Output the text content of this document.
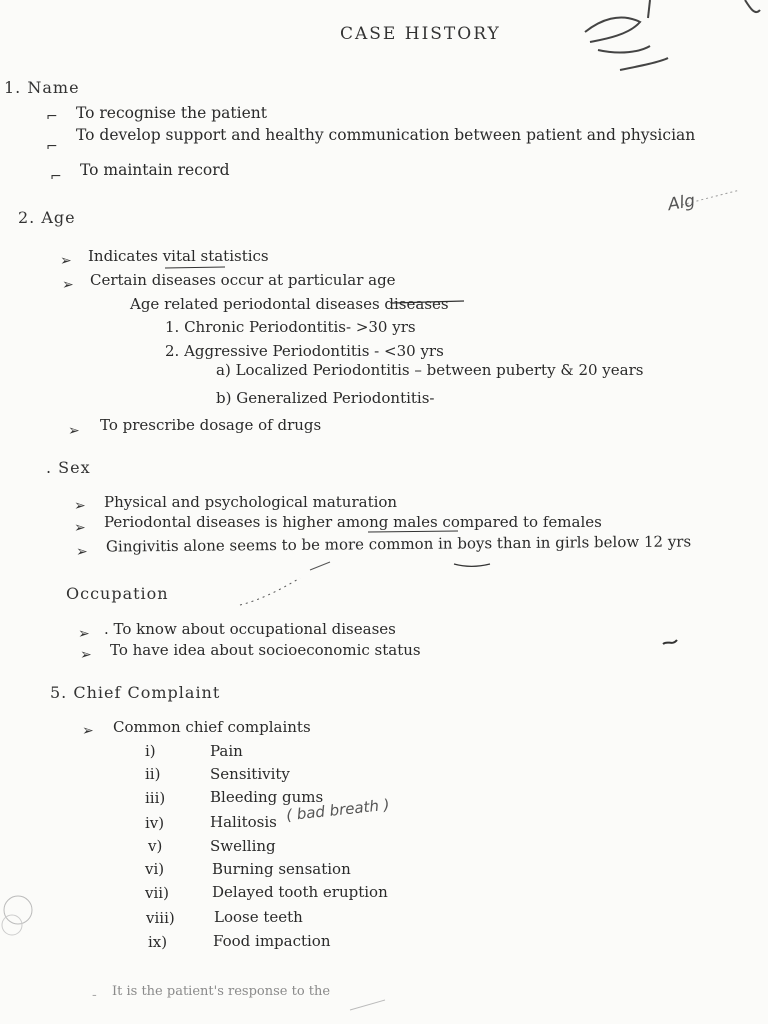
CASE HISTORY
1. Name
⌐ To recognise the patient
⌐
To develop support and healthy communication between patient and physician
⌐ To maintain record
Alg
2. Age
➢ Indicates vital statistics
➢ Certain diseases occur at particular age
Age related periodontal diseases diseases
1. Chronic Periodontitis- >30 yrs
2. Aggressive Periodontitis - <30 yrs
a) Localized Periodontitis – between puberty & 20 years
b) Generalized Periodontitis-
➢ To prescribe dosage of drugs
. Sex
➢ Physical and psychological maturation
➢ Periodontal diseases is higher among males compared to females
➢ Gingivitis alone seems to be more common in boys than in girls below 12 yrs
Occupation
➢ . To know about occupational diseases
➢ To have idea about socioeconomic status
5. Chief Complaint
➢ Common chief complaints
i)	Pain
ii)	Sensitivity
iii)	Bleeding gums
iv)	Halitosis ( bad breath )
v)	Swelling
vi)	Burning sensation
vii)	Delayed tooth eruption
viii)	Loose teeth
ix)	Food impaction
- It is the patient's response to the
